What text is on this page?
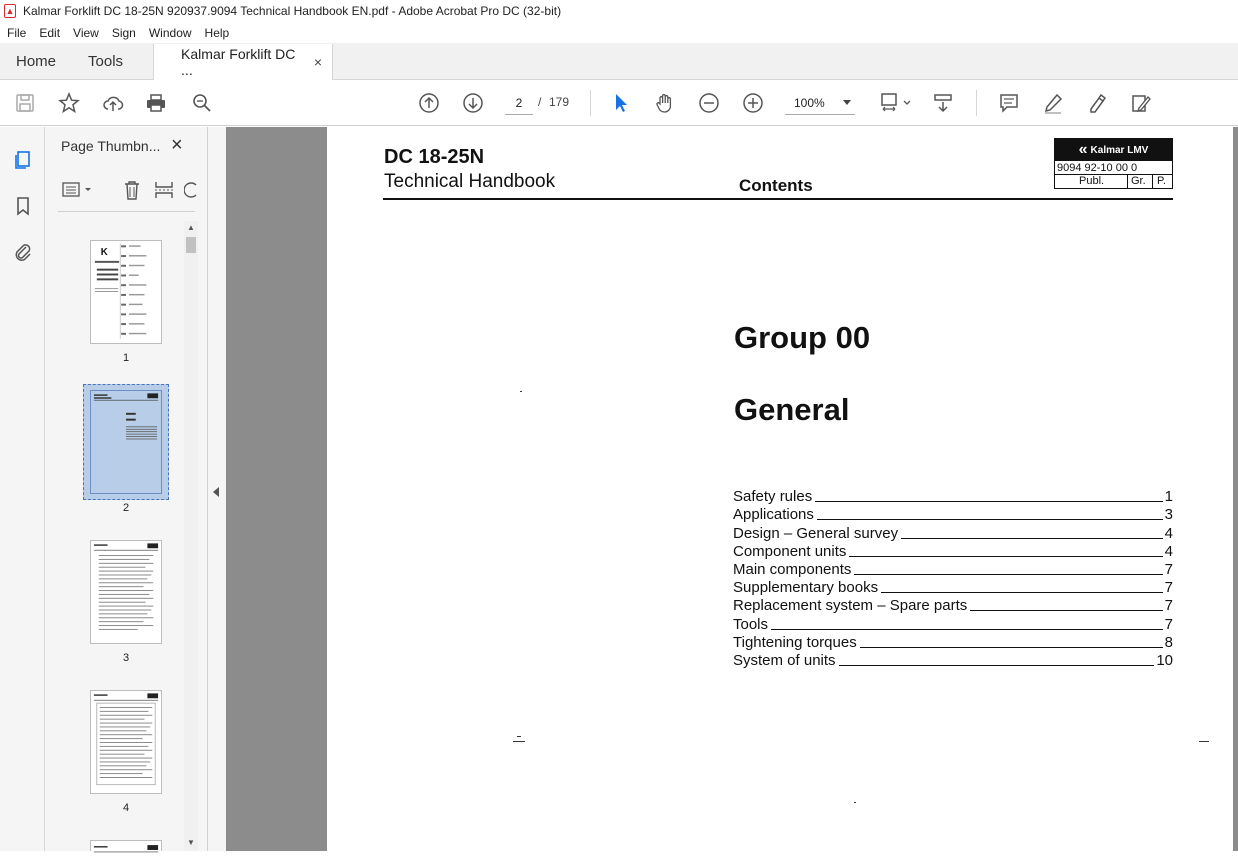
▲ Kalmar Forklift DC 18-25N 920937.9094 Technical Handbook EN.pdf - Adobe Acrobat Pro DC (32-bit)
File	Edit	View	Sign	Window	Help
Home	Tools	Kalmar Forklift DC ...	×
2	/ 179	100%
Page Thumbn... ×
K
1
2
3
4
▲
▼
DC 18-25N
Technical Handbook	Contents
« Kalmar LMV
9094 92-10 00 0
Publ. Gr. P.
Group 00
General
Safety rules	1
Applications	3
Design – General survey	4
Component units	4
Main components	7
Supplementary books	7
Replacement system – Spare parts	7
Tools	7
Tightening torques	8
System of units	10
